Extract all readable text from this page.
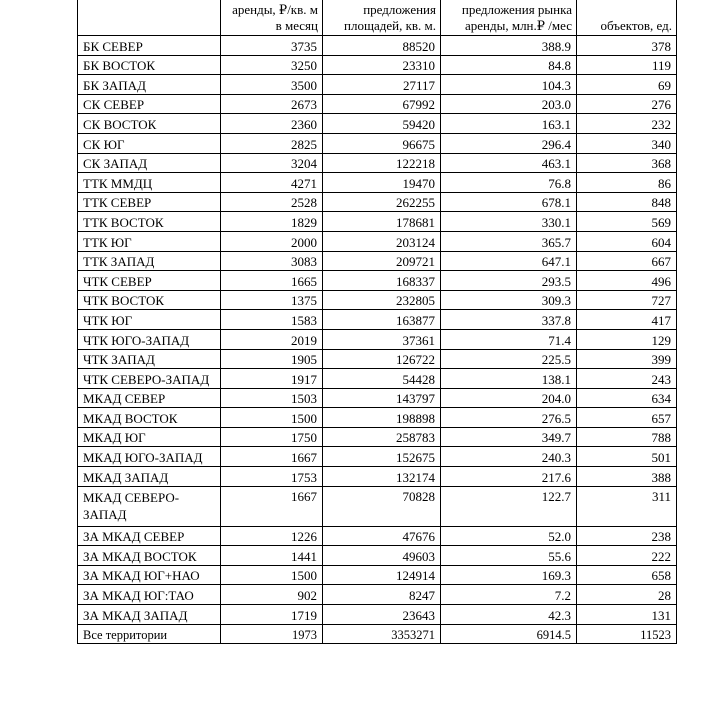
	аренды, ₽/кв. м в месяц	предложения площадей, кв. м.	предложения рынка аренды, млн.₽ /мес	объектов, ед.
БК СЕВЕР	3735	88520	388.9	378
БК ВОСТОК	3250	23310	84.8	119
БК ЗАПАД	3500	27117	104.3	69
СК СЕВЕР	2673	67992	203.0	276
СК ВОСТОК	2360	59420	163.1	232
СК ЮГ	2825	96675	296.4	340
СК ЗАПАД	3204	122218	463.1	368
ТТК ММДЦ	4271	19470	76.8	86
ТТК СЕВЕР	2528	262255	678.1	848
ТТК ВОСТОК	1829	178681	330.1	569
ТТК ЮГ	2000	203124	365.7	604
ТТК ЗАПАД	3083	209721	647.1	667
ЧТК СЕВЕР	1665	168337	293.5	496
ЧТК ВОСТОК	1375	232805	309.3	727
ЧТК ЮГ	1583	163877	337.8	417
ЧТК ЮГО-ЗАПАД	2019	37361	71.4	129
ЧТК ЗАПАД	1905	126722	225.5	399
ЧТК СЕВЕРО-ЗАПАД	1917	54428	138.1	243
МКАД СЕВЕР	1503	143797	204.0	634
МКАД ВОСТОК	1500	198898	276.5	657
МКАД ЮГ	1750	258783	349.7	788
МКАД ЮГО-ЗАПАД	1667	152675	240.3	501
МКАД ЗАПАД	1753	132174	217.6	388
МКАД СЕВЕРО-ЗАПАД	1667	70828	122.7	311
ЗА МКАД СЕВЕР	1226	47676	52.0	238
ЗА МКАД ВОСТОК	1441	49603	55.6	222
ЗА МКАД ЮГ+НАО	1500	124914	169.3	658
ЗА МКАД ЮГ:ТАО	902	8247	7.2	28
ЗА МКАД ЗАПАД	1719	23643	42.3	131
Все территории	1973	3353271	6914.5	11523
